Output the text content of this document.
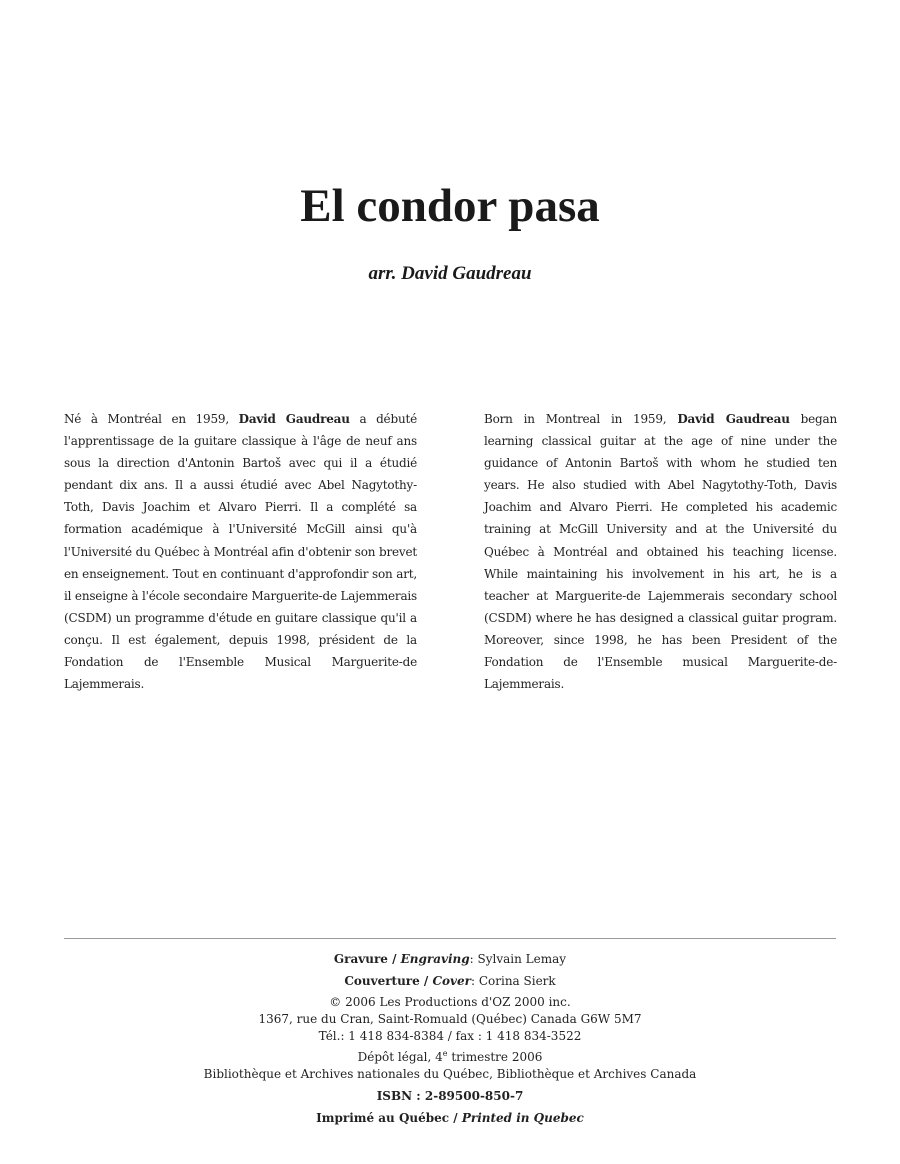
El condor pasa
arr. David Gaudreau

Né à Montréal en 1959, David Gaudreau a débuté l'apprentissage de la guitare classique à l'âge de neuf ans sous la direction d'Antonin Bartoš avec qui il a étudié pendant dix ans. Il a aussi étudié avec Abel Nagytothy-Toth, Davis Joachim et Alvaro Pierri. Il a complété sa formation académique à l'Université McGill ainsi qu'à l'Université du Québec à Montréal afin d'obtenir son brevet en enseignement. Tout en continuant d'approfondir son art, il enseigne à l'école secondaire Marguerite-de Lajemmerais (CSDM) un programme d'étude en guitare classique qu'il a conçu. Il est également, depuis 1998, président de la Fondation de l'Ensemble Musical Marguerite-de Lajemmerais.

Born in Montreal in 1959, David Gaudreau began learning classical guitar at the age of nine under the guidance of Antonin Bartoš with whom he studied ten years. He also studied with Abel Nagytothy-Toth, Davis Joachim and Alvaro Pierri. He completed his academic training at McGill University and at the Université du Québec à Montréal and obtained his teaching license. While maintaining his involvement in his art, he is a teacher at Marguerite-de Lajemmerais secondary school (CSDM) where he has designed a classical guitar program. Moreover, since 1998, he has been President of the Fondation de l'Ensemble musical Marguerite-de-Lajemmerais.

Gravure / Engraving: Sylvain Lemay
Couverture / Cover: Corina Sierk
© 2006 Les Productions d'OZ 2000 inc.
1367, rue du Cran, Saint-Romuald (Québec) Canada G6W 5M7
Tél.: 1 418 834-8384 / fax : 1 418 834-3522
Dépôt légal, 4e trimestre 2006
Bibliothèque et Archives nationales du Québec, Bibliothèque et Archives Canada
ISBN : 2-89500-850-7
Imprimé au Québec / Printed in Quebec
